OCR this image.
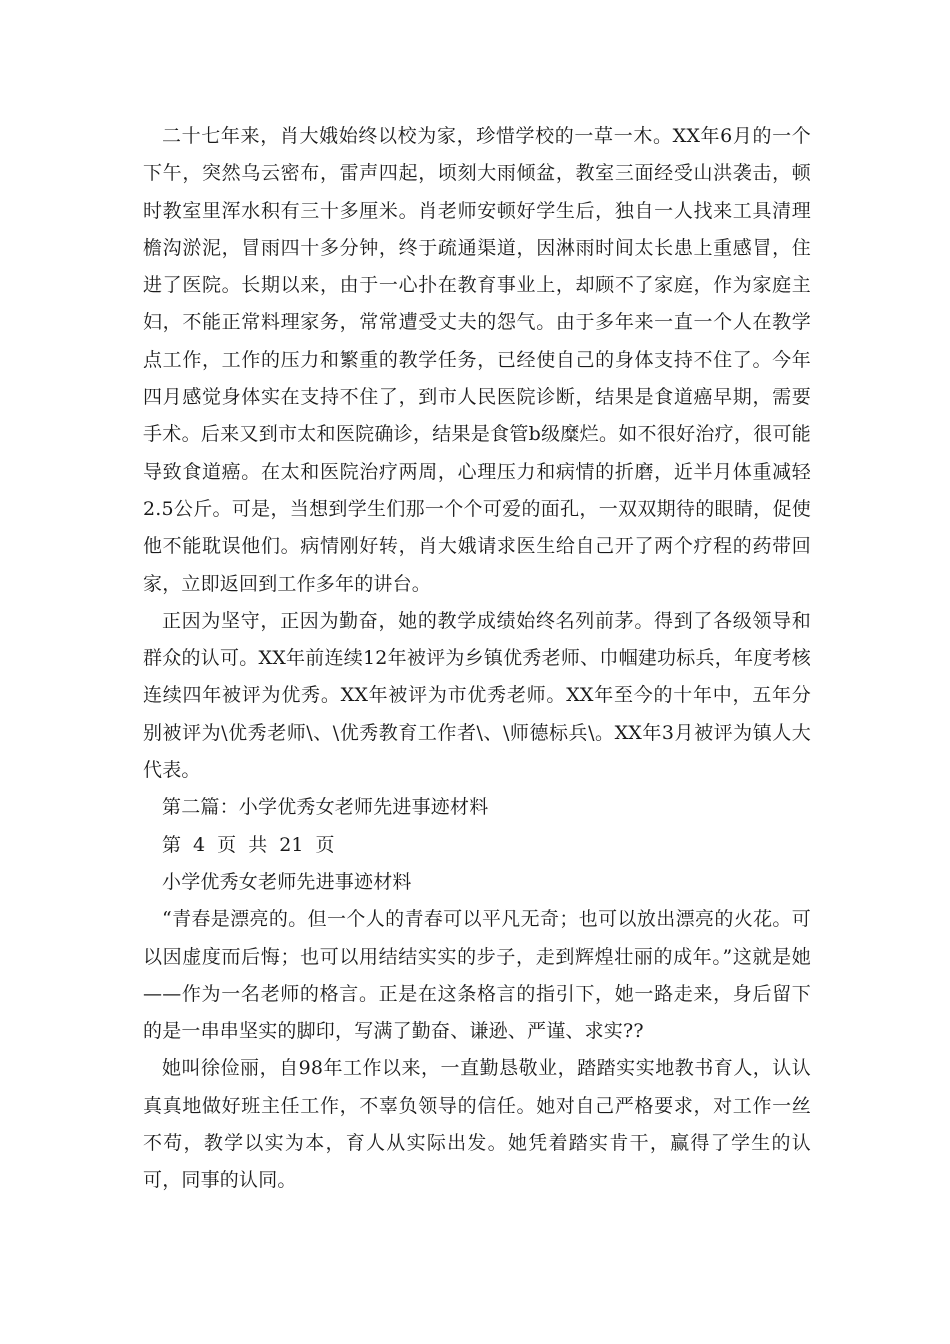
二十七年来，肖大娥始终以校为家，珍惜学校的一草一木。XX年6月的一个下午，突然乌云密布，雷声四起，顷刻大雨倾盆，教室三面经受山洪袭击，顿时教室里浑水积有三十多厘米。肖老师安顿好学生后，独自一人找来工具清理檐沟淤泥，冒雨四十多分钟，终于疏通渠道，因淋雨时间太长患上重感冒，住进了医院。长期以来，由于一心扑在教育事业上，却顾不了家庭，作为家庭主妇，不能正常料理家务，常常遭受丈夫的怨气。由于多年来一直一个人在教学点工作，工作的压力和繁重的教学任务，已经使自己的身体支持不住了。今年四月感觉身体实在支持不住了，到市人民医院诊断，结果是食道癌早期，需要手术。后来又到市太和医院确诊，结果是食管b级糜烂。如不很好治疗，很可能导致食道癌。在太和医院治疗两周，心理压力和病情的折磨，近半月体重减轻2.5公斤。可是，当想到学生们那一个个可爱的面孔，一双双期待的眼睛，促使他不能耽误他们。病情刚好转，肖大娥请求医生给自己开了两个疗程的药带回家，立即返回到工作多年的讲台。

正因为坚守，正因为勤奋，她的教学成绩始终名列前茅。得到了各级领导和群众的认可。XX年前连续12年被评为乡镇优秀老师、巾帼建功标兵，年度考核连续四年被评为优秀。XX年被评为市优秀老师。XX年至今的十年中，五年分别被评为\优秀老师\、\优秀教育工作者\、\师德标兵\。XX年3月被评为镇人大代表。

第二篇：小学优秀女老师先进事迹材料

第 4 页 共 21 页

小学优秀女老师先进事迹材料

“青春是漂亮的。但一个人的青春可以平凡无奇；也可以放出漂亮的火花。可以因虚度而后悔；也可以用结结实实的步子，走到辉煌壮丽的成年。”这就是她——作为一名老师的格言。正是在这条格言的指引下，她一路走来，身后留下的是一串串坚实的脚印，写满了勤奋、谦逊、严谨、求实??

她叫徐俭丽，自98年工作以来，一直勤恳敬业，踏踏实实地教书育人，认认真真地做好班主任工作，不辜负领导的信任。她对自己严格要求，对工作一丝不苟，教学以实为本，育人从实际出发。她凭着踏实肯干，赢得了学生的认可，同事的认同。
